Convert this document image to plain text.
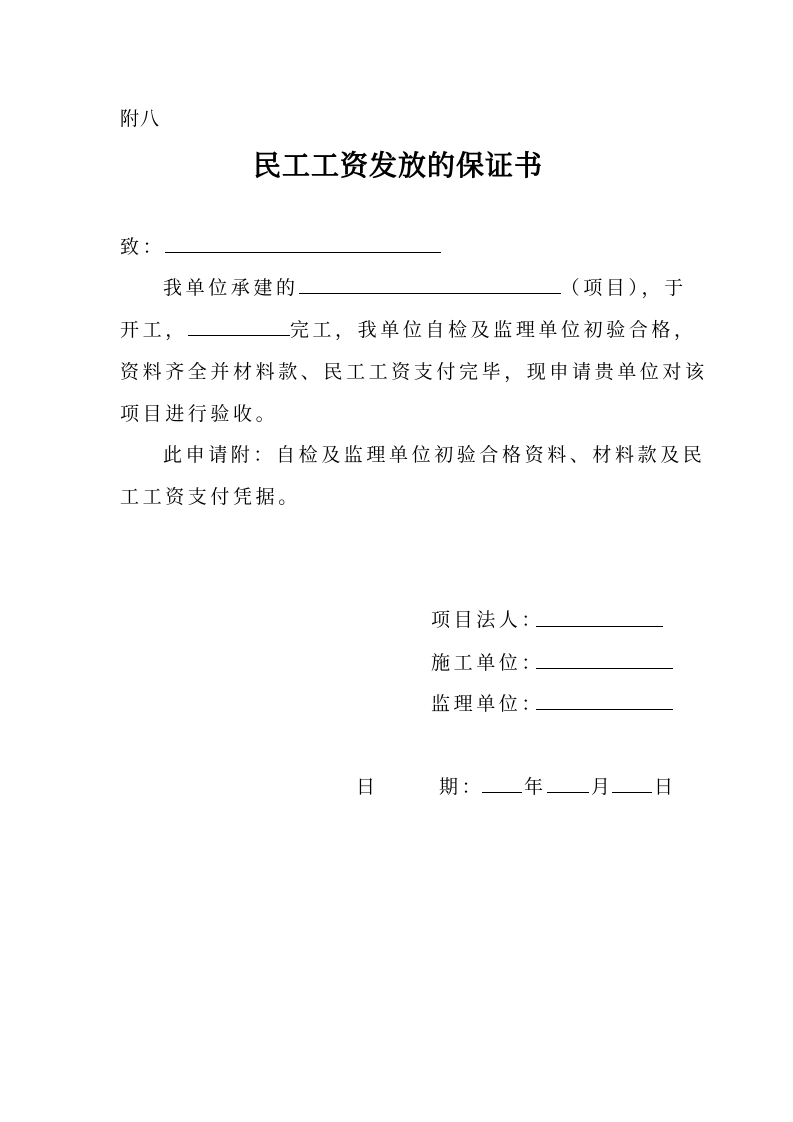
附八
民工工资发放的保证书
致：
我单位承建的	（项目），于
开工，	完工，我单位自检及监理单位初验合格，
资料齐全并材料款、民工工资支付完毕，现申请贵单位对该
项目进行验收。
此申请附：自检及监理单位初验合格资料、材料款及民
工工资支付凭据。
项目法人：
施工单位：
监理单位：
日	期： 年 月 日
